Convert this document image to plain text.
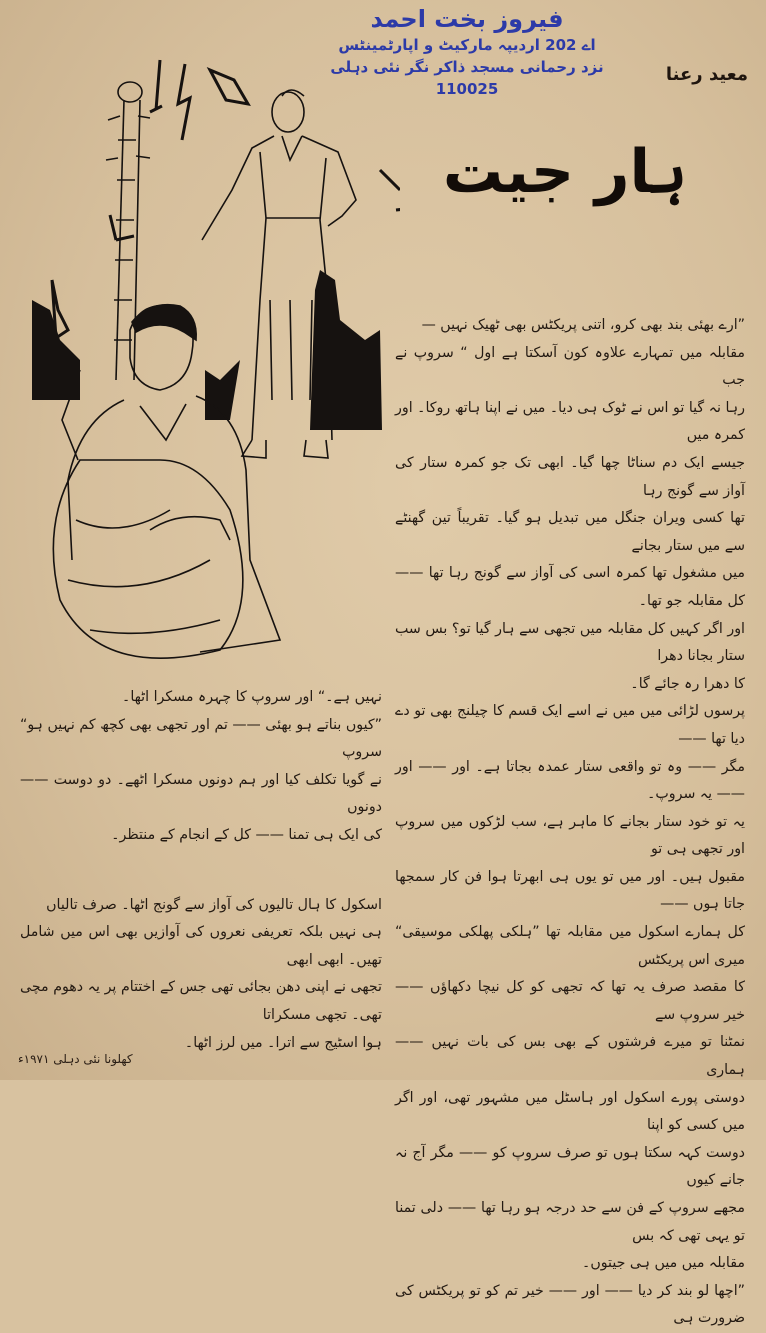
فیروز بخت احمد
اے 202 اردیپہ مارکیٹ و اپارٹمینٹس
نزد رحمانی مسجد ذاکر نگر نئی دہلی 110025
معید رعنا
ہار جیت

”ارے بھئی بند بھی کرو، اتنی پریکٹس بھی ٹھیک نہیں —

مقابلہ میں تمہارے علاوہ کون آسکتا ہے اول “ سروپ نے جب

رہا نہ گیا تو اس نے ٹوک ہی دیا۔ میں نے اپنا ہاتھ روکا۔ اور کمرہ میں

جیسے ایک دم سناٹا چھا گیا۔ ابھی تک جو کمرہ ستار کی آواز سے گونج رہا

تھا کسی ویران جنگل میں تبدیل ہو گیا۔ تقریباً تین گھنٹے سے میں ستار بجانے

میں مشغول تھا کمرہ اسی کی آواز سے گونج رہا تھا —— کل مقابلہ جو تھا۔

اور اگر کہیں کل مقابلہ میں تجھی سے ہار گیا تو؟ بس سب ستار بجانا دھرا

کا دھرا رہ جائے گا۔

پرسوں لڑائی میں میں نے اسے ایک قسم کا چیلنج بھی تو دے دیا تھا ——

مگر —— وہ تو واقعی ستار عمدہ بجاتا ہے۔ اور —— اور —— یہ سروپ۔

یہ تو خود ستار بجانے کا ماہر ہے، سب لڑکوں میں سروپ اور تجھی ہی تو

مقبول ہیں۔ اور میں تو یوں ہی ابھرتا ہوا فن کار سمجھا جاتا ہوں ——

کل ہمارے اسکول میں مقابلہ تھا ”ہلکی پھلکی موسیقی“ میری اس پریکٹس

کا مقصد صرف یہ تھا کہ تجھی کو کل نیچا دکھاؤں —— خیر سروپ سے

نمٹنا تو میرے فرشتوں کے بھی بس کی بات نہیں —— ہماری

دوستی پورے اسکول اور ہاسٹل میں مشہور تھی، اور اگر میں کسی کو اپنا

دوست کہہ سکتا ہوں تو صرف سروپ کو —— مگر آج نہ جانے کیوں

مجھے سروپ کے فن سے حد درجہ ہو رہا تھا —— دلی تمنا تو یہی تھی کہ بس

مقابلہ میں میں ہی جیتوں۔

”اچھا لو بند کر دیا —— اور —— خیر تم کو تو پریکٹس کی ضرورت ہی

نہیں ہے۔“ اور سروپ کا چہرہ مسکرا اٹھا۔

”کیوں بناتے ہو بھئی —— تم اور تجھی بھی کچھ کم نہیں ہو“ سروپ

نے گویا تکلف کیا اور ہم دونوں مسکرا اٹھے۔ دو دوست —— دونوں

کی ایک ہی تمنا —— کل کے انجام کے منتظر۔

اسکول کا ہال تالیوں کی آواز سے گونج اٹھا۔ صرف تالیاں

ہی نہیں بلکہ تعریفی نعروں کی آوازیں بھی اس میں شامل تھیں۔ ابھی ابھی

تجھی نے اپنی دھن بجائی تھی جس کے اختتام پر یہ دھوم مچی تھی۔ تجھی مسکراتا

ہوا اسٹیج سے اترا۔ میں لرز اٹھا۔

کھلونا نئی دہلی ۱۹۷۱ء
